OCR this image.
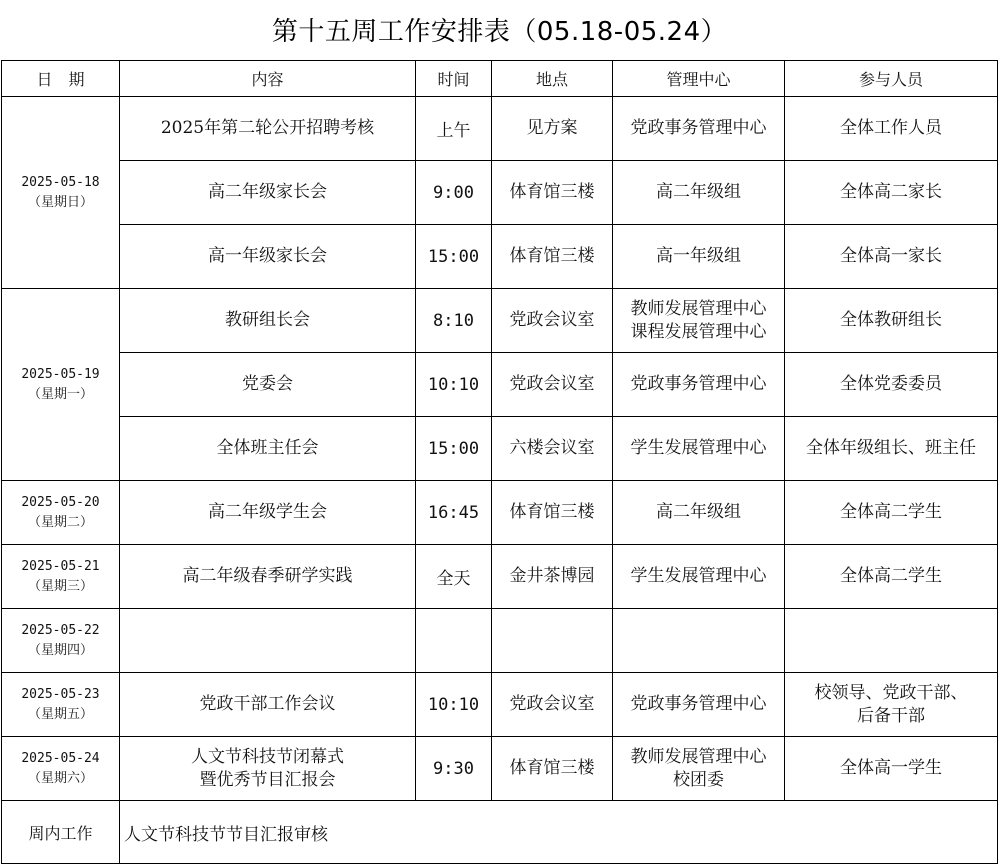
第十五周工作安排表（05.18-05.24）
日　期	内容	时间	地点	管理中心	参与人员

2025-05-18
（星期日）	2025年第二轮公开招聘考核	上午	见方案	党政事务管理中心	全体工作人员

	高二年级家长会	9:00	体育馆三楼	高二年级组	全体高二家长

	高一年级家长会	15:00	体育馆三楼	高一年级组	全体高一家长

2025-05-19
（星期一）	教研组长会	8:10	党政会议室	教师发展管理中心
课程发展管理中心	全体教研组长

	党委会	10:10	党政会议室	党政事务管理中心	全体党委委员

	全体班主任会	15:00	六楼会议室	学生发展管理中心	全体年级组长、班主任

2025-05-20
（星期二）	高二年级学生会	16:45	体育馆三楼	高二年级组	全体高二学生

2025-05-21
（星期三）	高二年级春季研学实践	全天	金井茶博园	学生发展管理中心	全体高二学生

2025-05-22
（星期四）					

2025-05-23
（星期五）	党政干部工作会议	10:10	党政会议室	党政事务管理中心	校领导、党政干部、
后备干部

2025-05-24
（星期六）	人文节科技节闭幕式
暨优秀节目汇报会	9:30	体育馆三楼	教师发展管理中心
校团委	全体高一学生

周内工作	人文节科技节节目汇报审核				
